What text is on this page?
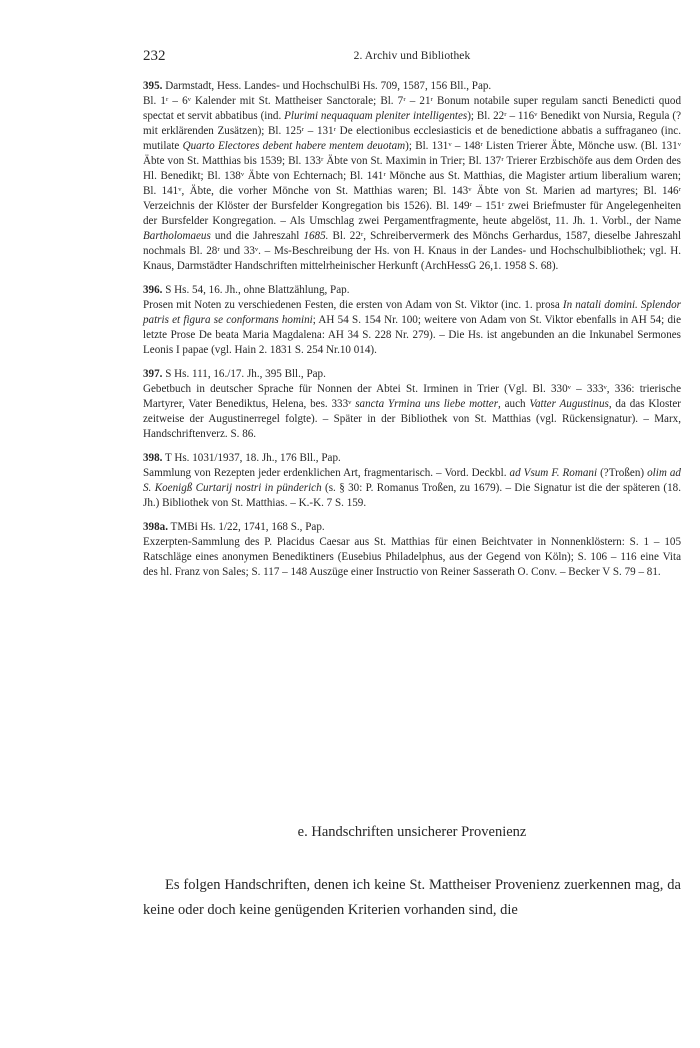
232	2. Archiv und Bibliothek

395. Darmstadt, Hess. Landes- und HochschulBi Hs. 709, 1587, 156 Bll., Pap.

Bl. 1ʳ – 6ᵛ Kalender mit St. Mattheiser Sanctorale; Bl. 7ʳ – 21ʳ Bonum notabile super regulam sancti Benedicti quod spectat et servit abbatibus (ind. Plurimi nequaquam pleniter intelligentes); Bl. 22ʳ – 116ᵛ Benedikt von Nursia, Regula (? mit erklärenden Zusätzen); Bl. 125ʳ – 131ʳ De electionibus ecclesiasticis et de benedictione abbatis a suffraganeo (inc. mutilate Quarto Electores debent habere mentem deuotam); Bl. 131ᵛ – 148ʳ Listen Trierer Äbte, Mönche usw. (Bl. 131ᵛ Äbte von St. Matthias bis 1539; Bl. 133ʳ Äbte von St. Maximin in Trier; Bl. 137ʳ Trierer Erzbischöfe aus dem Orden des Hl. Benedikt; Bl. 138ᵛ Äbte von Echternach; Bl. 141ʳ Mönche aus St. Matthias, die Magister artium liberalium waren; Bl. 141ᵛ, Äbte, die vorher Mönche von St. Matthias waren; Bl. 143ᵛ Äbte von St. Marien ad martyres; Bl. 146ʳ Verzeichnis der Klöster der Bursfelder Kongregation bis 1526). Bl. 149ʳ – 151ʳ zwei Briefmuster für Angelegenheiten der Bursfelder Kongregation. – Als Umschlag zwei Pergamentfragmente, heute abgelöst, 11. Jh. 1. Vorbl., der Name Bartholomaeus und die Jahreszahl 1685. Bl. 22ʳ, Schreibervermerk des Mönchs Gerhardus, 1587, dieselbe Jahreszahl nochmals Bl. 28ʳ und 33ᵛ. – Ms-Beschreibung der Hs. von H. Knaus in der Landes- und Hochschulbibliothek; vgl. H. Knaus, Darmstädter Handschriften mittelrheinischer Herkunft (ArchHessG 26,1. 1958 S. 68).

396. S Hs. 54, 16. Jh., ohne Blattzählung, Pap.

Prosen mit Noten zu verschiedenen Festen, die ersten von Adam von St. Viktor (inc. 1. prosa In natali domini. Splendor patris et figura se conformans homini; AH 54 S. 154 Nr. 100; weitere von Adam von St. Viktor ebenfalls in AH 54; die letzte Prose De beata Maria Magdalena: AH 34 S. 228 Nr. 279). – Die Hs. ist angebunden an die Inkunabel Sermones Leonis I papae (vgl. Hain 2. 1831 S. 254 Nr.10 014).

397. S Hs. 111, 16./17. Jh., 395 Bll., Pap.

Gebetbuch in deutscher Sprache für Nonnen der Abtei St. Irminen in Trier (Vgl. Bl. 330ᵛ – 333ᵛ, 336: trierische Martyrer, Vater Benediktus, Helena, bes. 333ᵛ sancta Yrmina uns liebe motter, auch Vatter Augustinus, da das Kloster zeitweise der Augustinerregel folgte). – Später in der Bibliothek von St. Matthias (vgl. Rückensignatur). – Marx, Handschriftenverz. S. 86.

398. T Hs. 1031/1937, 18. Jh., 176 Bll., Pap.

Sammlung von Rezepten jeder erdenklichen Art, fragmentarisch. – Vord. Deckbl. ad Vsum F. Romani (?Troßen) olim ad S. Koenigß Curtarij nostri in pünderich (s. § 30: P. Romanus Troßen, zu 1679). – Die Signatur ist die der späteren (18. Jh.) Bibliothek von St. Matthias. – K.-K. 7 S. 159.

398a. TMBi Hs. 1/22, 1741, 168 S., Pap.

Exzerpten-Sammlung des P. Placidus Caesar aus St. Matthias für einen Beichtvater in Nonnenklöstern: S. 1 – 105 Ratschläge eines anonymen Benediktiners (Eusebius Philadelphus, aus der Gegend von Köln); S. 106 – 116 eine Vita des hl. Franz von Sales; S. 117 – 148 Auszüge einer Instructio von Reiner Sasserath O. Conv. – Becker V S. 79 – 81.

e. Handschriften unsicherer Provenienz

Es folgen Handschriften, denen ich keine St. Mattheiser Provenienz zuerkennen mag, da keine oder doch keine genügenden Kriterien vorhanden sind, die
